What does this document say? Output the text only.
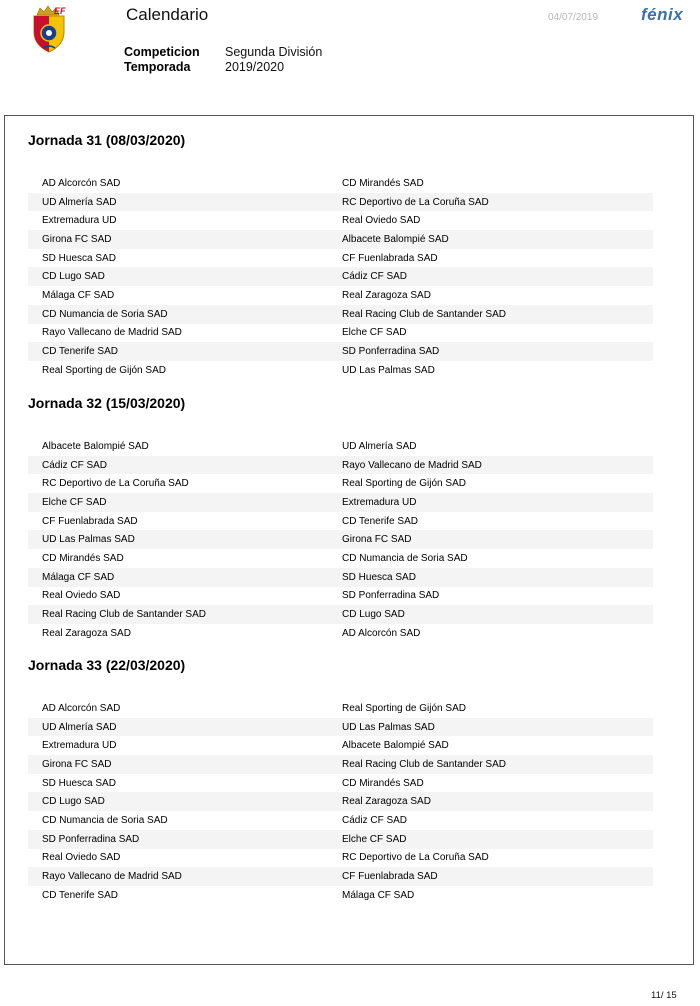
EF	Calendario	04/07/2019	fénix
Competicion	Segunda División
Temporada	2019/2020
Jornada 31 (08/03/2020)
AD Alcorcón SAD	CD Mirandés SAD
UD Almería SAD	RC Deportivo de La Coruña SAD
Extremadura UD	Real Oviedo SAD
Girona FC SAD	Albacete Balompié SAD
SD Huesca SAD	CF Fuenlabrada SAD
CD Lugo SAD	Cádiz CF SAD
Málaga CF SAD	Real Zaragoza SAD
CD Numancia de Soria SAD	Real Racing Club de Santander SAD
Rayo Vallecano de Madrid SAD	Elche CF SAD
CD Tenerife SAD	SD Ponferradina SAD
Real Sporting de Gijón SAD	UD Las Palmas SAD
Jornada 32 (15/03/2020)
Albacete Balompié SAD	UD Almería SAD
Cádiz CF SAD	Rayo Vallecano de Madrid SAD
RC Deportivo de La Coruña SAD	Real Sporting de Gijón SAD
Elche CF SAD	Extremadura UD
CF Fuenlabrada SAD	CD Tenerife SAD
UD Las Palmas SAD	Girona FC SAD
CD Mirandés SAD	CD Numancia de Soria SAD
Málaga CF SAD	SD Huesca SAD
Real Oviedo SAD	SD Ponferradina SAD
Real Racing Club de Santander SAD	CD Lugo SAD
Real Zaragoza SAD	AD Alcorcón SAD
Jornada 33 (22/03/2020)
AD Alcorcón SAD	Real Sporting de Gijón SAD
UD Almería SAD	UD Las Palmas SAD
Extremadura UD	Albacete Balompié SAD
Girona FC SAD	Real Racing Club de Santander SAD
SD Huesca SAD	CD Mirandés SAD
CD Lugo SAD	Real Zaragoza SAD
CD Numancia de Soria SAD	Cádiz CF SAD
SD Ponferradina SAD	Elche CF SAD
Real Oviedo SAD	RC Deportivo de La Coruña SAD
Rayo Vallecano de Madrid SAD	CF Fuenlabrada SAD
CD Tenerife SAD	Málaga CF SAD
11/ 15
